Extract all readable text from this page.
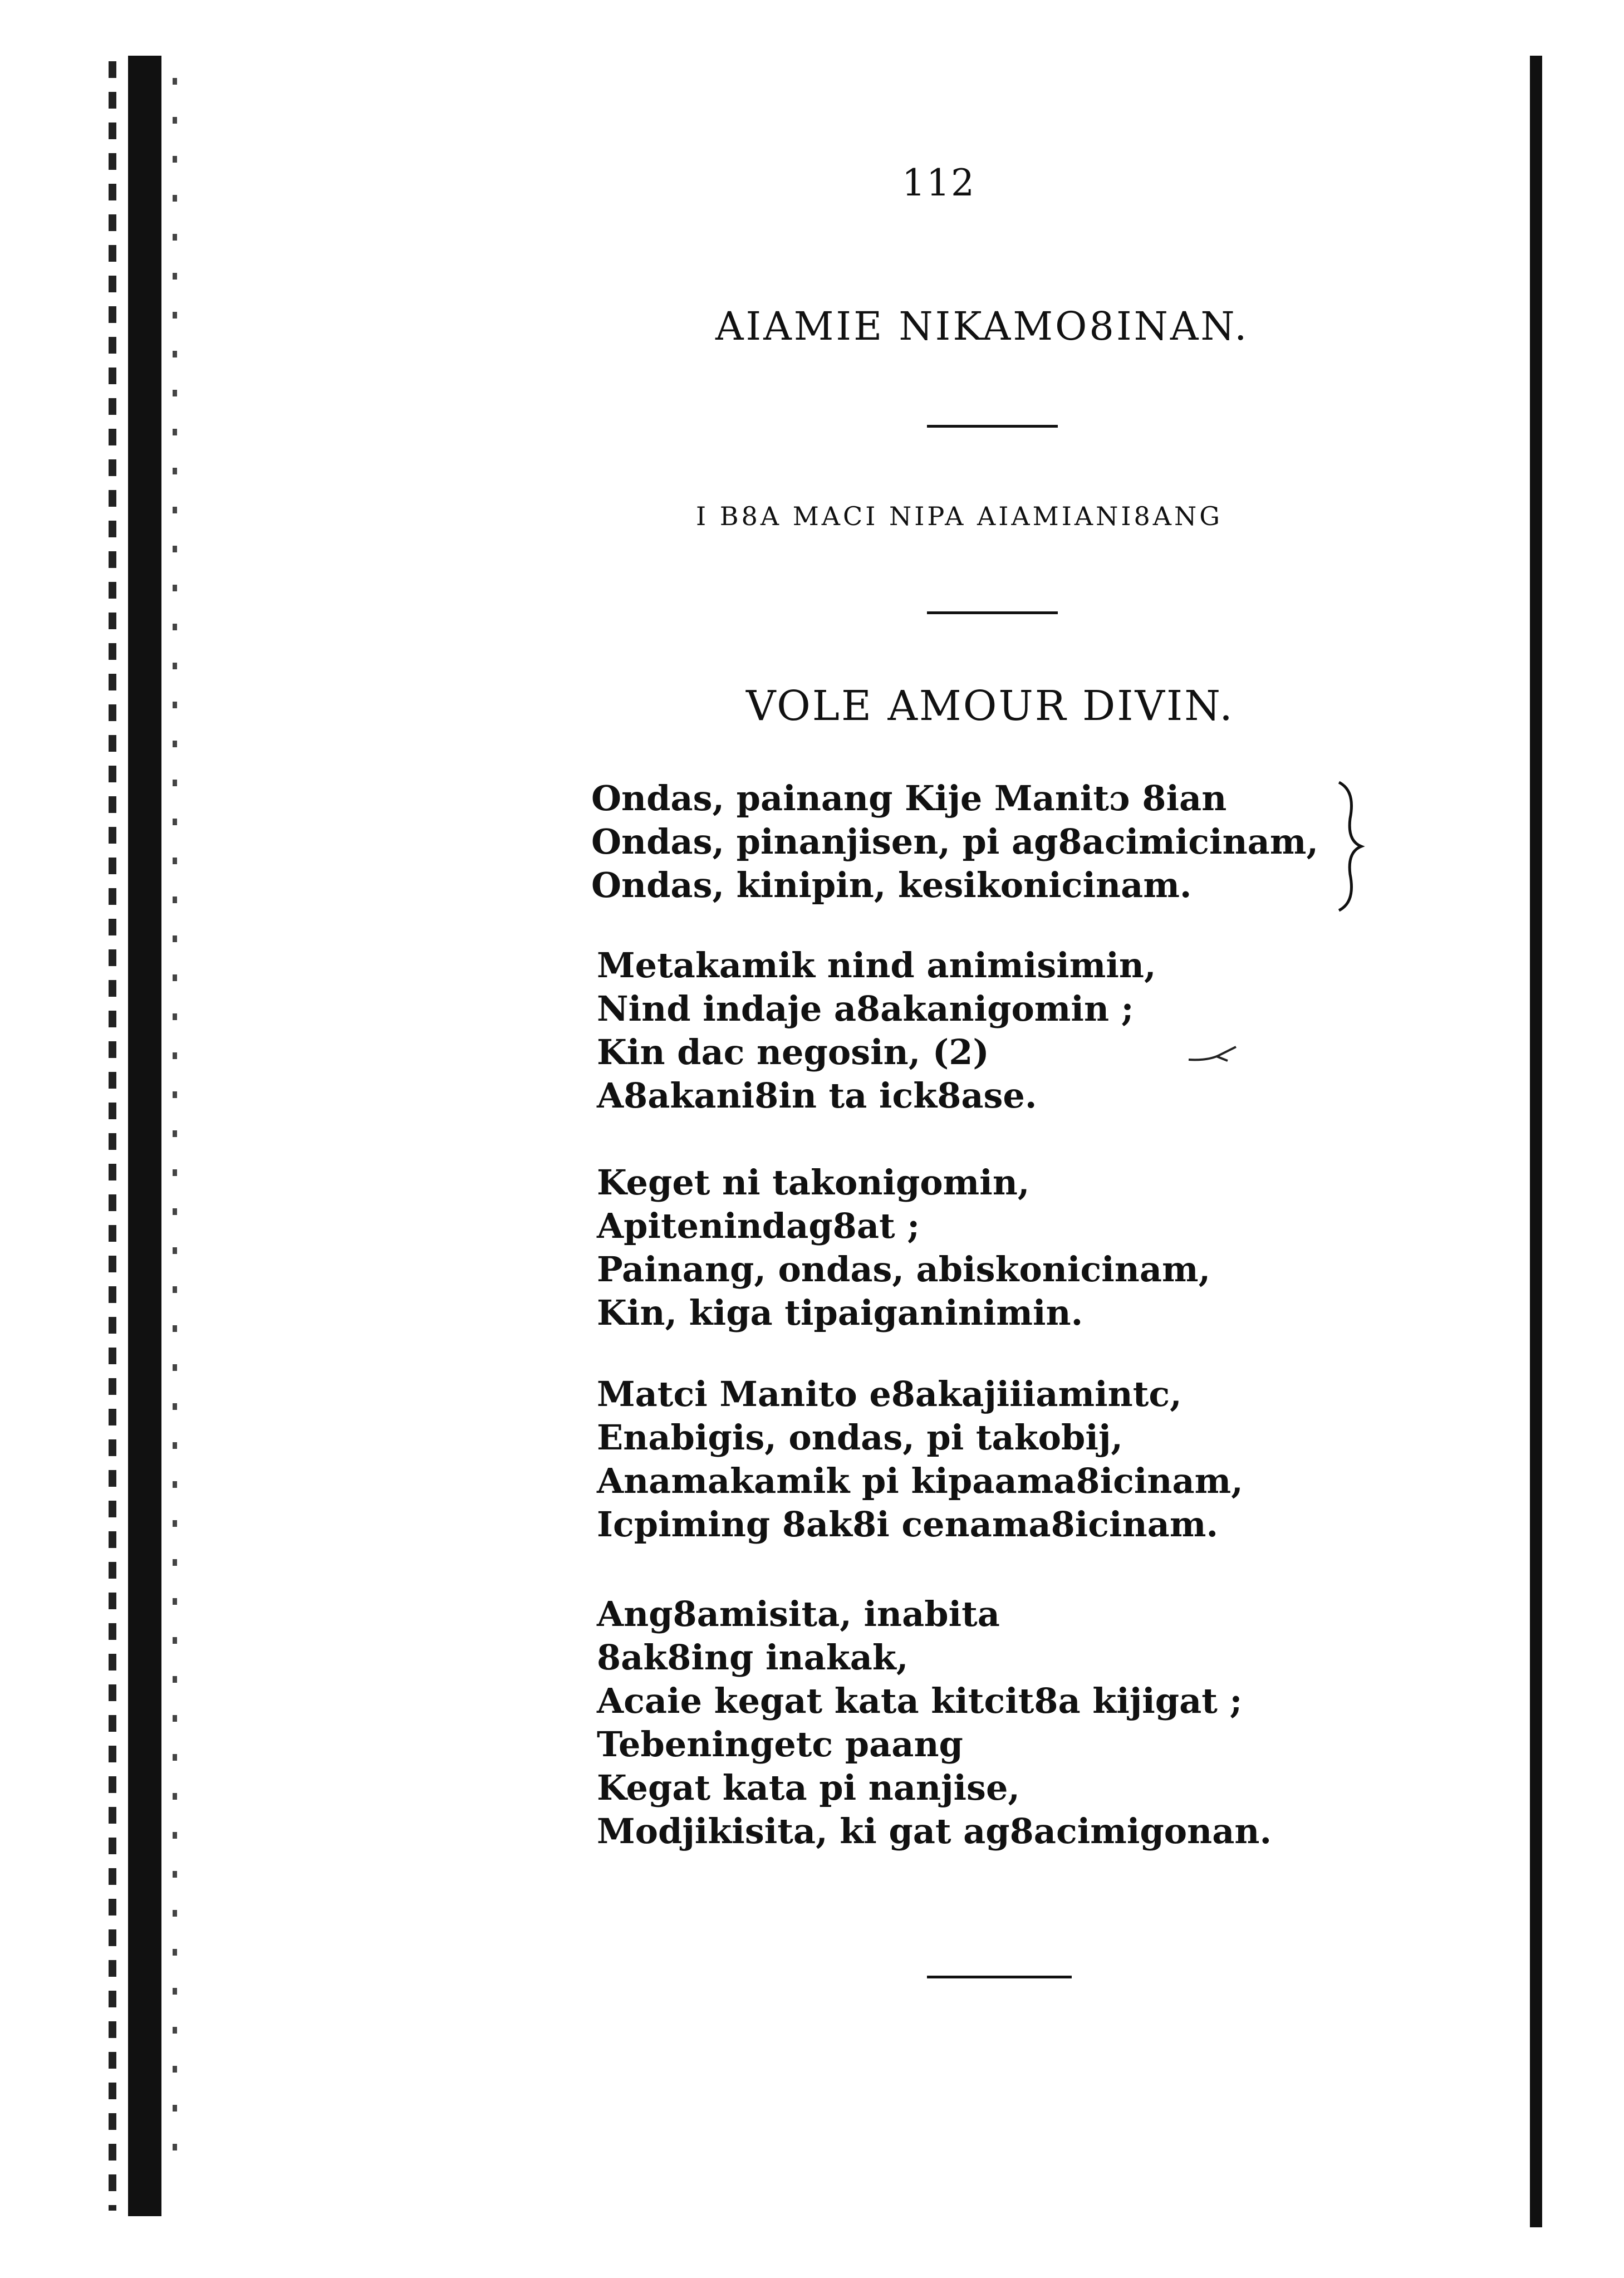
112
AIAMIE NIKAMO8INAN.
I B8A MACI NIPA AIAMIANI8ANG
VOLE AMOUR DIVIN.
Ondas, painang Kije Manitɔ 8ian
Ondas, pinanjisen, pi ag8acimicinam,
Ondas, kinipin, kesikonicinam.
Metakamik nind animisimin,
Nind indaje a8akanigomin ;
Kin dac negosin, (2)
A8akani8in ta ick8ase.
Keget ni takonigomin,
Apitenindag8at ;
Painang, ondas, abiskonicinam,
Kin, kiga tipaiganinimin.
Matci Manito e8akajiiiamintc,
Enabigis, ondas, pi takobij,
Anamakamik pi kipaama8icinam,
Icpiming 8ak8i cenama8icinam.
Ang8amisita, inabita
8ak8ing inakak,
Acaie kegat kata kitcit8a kijigat ;
Tebeningetc paang
Kegat kata pi nanjise,
Modjikisita, ki gat ag8acimigonan.
